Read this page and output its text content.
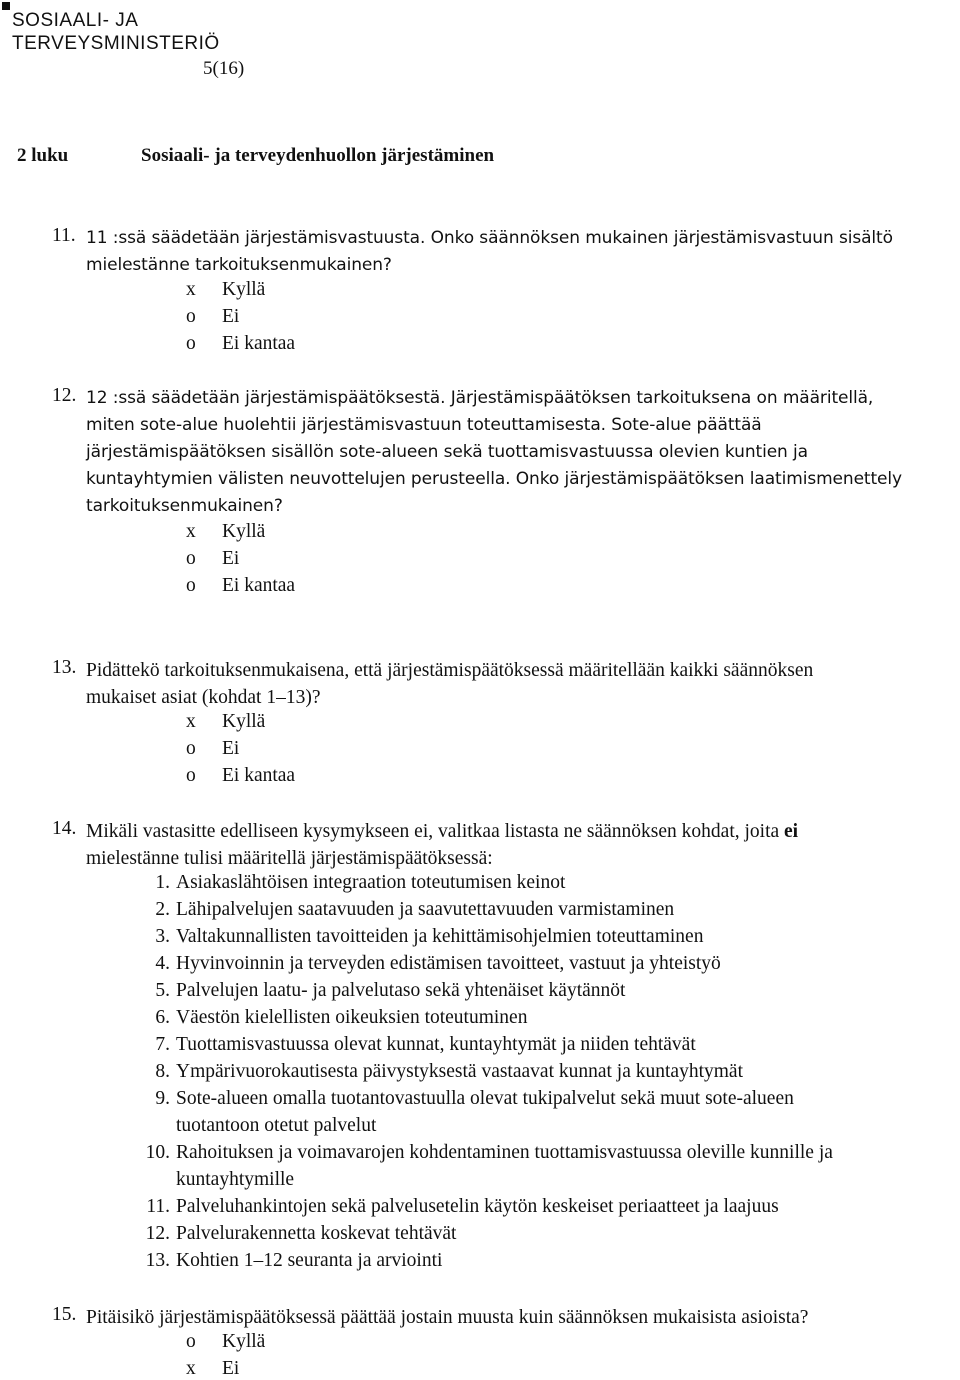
SOSIAALI- JA
TERVEYSMINISTERIÖ
5(16)
2 luku	Sosiaali- ja terveydenhuollon järjestäminen
11. 11 :ssä säädetään järjestämisvastuusta. Onko säännöksen mukainen järjestämisvastuun sisältö
mielestänne tarkoituksenmukainen?
x	Kyllä
o	Ei
o	Ei kantaa
12. 12 :ssä säädetään järjestämispäätöksestä. Järjestämispäätöksen tarkoituksena on määritellä,
miten sote-alue huolehtii järjestämisvastuun toteuttamisesta. Sote-alue päättää
järjestämispäätöksen sisällön sote-alueen sekä tuottamisvastuussa olevien kuntien ja
kuntayhtymien välisten neuvottelujen perusteella. Onko järjestämispäätöksen laatimismenettely
tarkoituksenmukainen?
x	Kyllä
o	Ei
o	Ei kantaa
13. Pidättekö tarkoituksenmukaisena, että järjestämispäätöksessä määritellään kaikki säännöksen
mukaiset asiat (kohdat 1–13)?
x	Kyllä
o	Ei
o	Ei kantaa
14. Mikäli vastasitte edelliseen kysymykseen ei, valitkaa listasta ne säännöksen kohdat, joita ei
mielestänne tulisi määritellä järjestämispäätöksessä:
1. Asiakaslähtöisen integraation toteutumisen keinot
2. Lähipalvelujen saatavuuden ja saavutettavuuden varmistaminen
3. Valtakunnallisten tavoitteiden ja kehittämisohjelmien toteuttaminen
4. Hyvinvoinnin ja terveyden edistämisen tavoitteet, vastuut ja yhteistyö
5. Palvelujen laatu- ja palvelutaso sekä yhtenäiset käytännöt
6. Väestön kielellisten oikeuksien toteutuminen
7. Tuottamisvastuussa olevat kunnat, kuntayhtymät ja niiden tehtävät
8. Ympärivuorokautisesta päivystyksestä vastaavat kunnat ja kuntayhtymät
9. Sote-alueen omalla tuotantovastuulla olevat tukipalvelut sekä muut sote-alueen
tuotantoon otetut palvelut
10. Rahoituksen ja voimavarojen kohdentaminen tuottamisvastuussa oleville kunnille ja
kuntayhtymille
11. Palveluhankintojen sekä palvelusetelin käytön keskeiset periaatteet ja laajuus
12. Palvelurakennetta koskevat tehtävät
13. Kohtien 1–12 seuranta ja arviointi
15. Pitäisikö järjestämispäätöksessä päättää jostain muusta kuin säännöksen mukaisista asioista?
o	Kyllä
x	Ei
